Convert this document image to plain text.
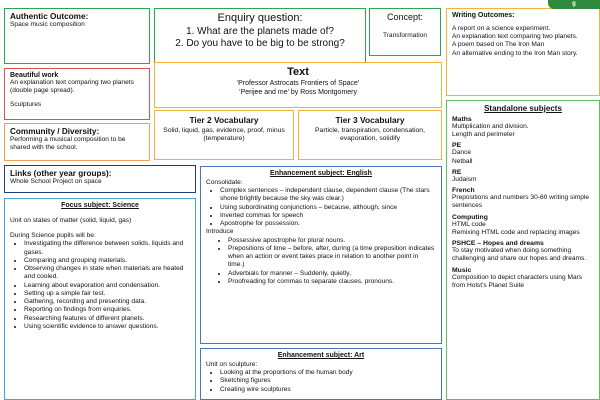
Authentic Outcome:

Space music composition

Enquiry question:
1. What are the planets made of?
2. Do you have to be big to be strong?
Concept:

Transformation

Writing Outcomes:

A report on a science experiment.

An explanation text comparing two planets.

A poem based on The Iron Man

An alternative ending to the Iron Man story.

g
Beautiful work

An explanation text comparing two planets (double page spread).

Sculptures

Text

‘Professor Astrocats Frontiers of Space’

‘Perijee and me’ by Ross Montgomery

Tier 2 Vocabulary

Solid, liquid, gas, evidence, proof, minus (temperature)

Tier 3 Vocabulary

Particle, transpiration, condensation, evaporation, solidify

Community / Diversity:

Performing a musical composition to be shared with the school.

Links (other year groups):

Whole School Project on space

Standalone subjects
Maths

Multiplication and division.
Length and perimeter

PE

Dance
Netball

RE

Judaism

French

Prepositions and numbers 30-60 writing simple sentences

Computing

HTML code
Remixing HTML code and replacing images

PSHCE – Hopes and dreams

To stay motivated when doing something challenging and share our hopes and dreams.

Music

Composition to depict characters using Mars from Holst’s Planet Suite

Focus subject: Science

Unit on states of matter (solid, liquid, gas)

During Science pupils will be:

• Investigating the difference between solids, liquids and gases.
• Comparing and grouping materials.
• Observing changes in state when materials are heated and cooled.
• Learning about evaporation and condensation.
• Setting up a simple fair test.
• Gathering, recording and presenting data.
• Reporting on findings from enquiries.
• Researching features of different planets.
• Using scientific evidence to answer questions.
Enhancement subject: English

Consolidate:

• Complex sentences – independent clause, dependent clause (The stars shone brightly because the sky was clear.)
• Using subordinating conjunctions – because, although, since
• Inverted commas for speech
• Apostrophe for possession.

Introduce

• Possessive apostrophe for plural nouns.
• Prepositions of time – before, after, during (a time preposition indicates when an action or event takes place in relation to another point in time.)
• Adverbials for manner – Suddenly, quietly,
• Proofreading for commas to separate clauses, pronouns.
Enhancement subject: Art

Unit on sculpture:

• Looking at the proportions of the human body
• Sketching figures
• Creating wire sculptures
